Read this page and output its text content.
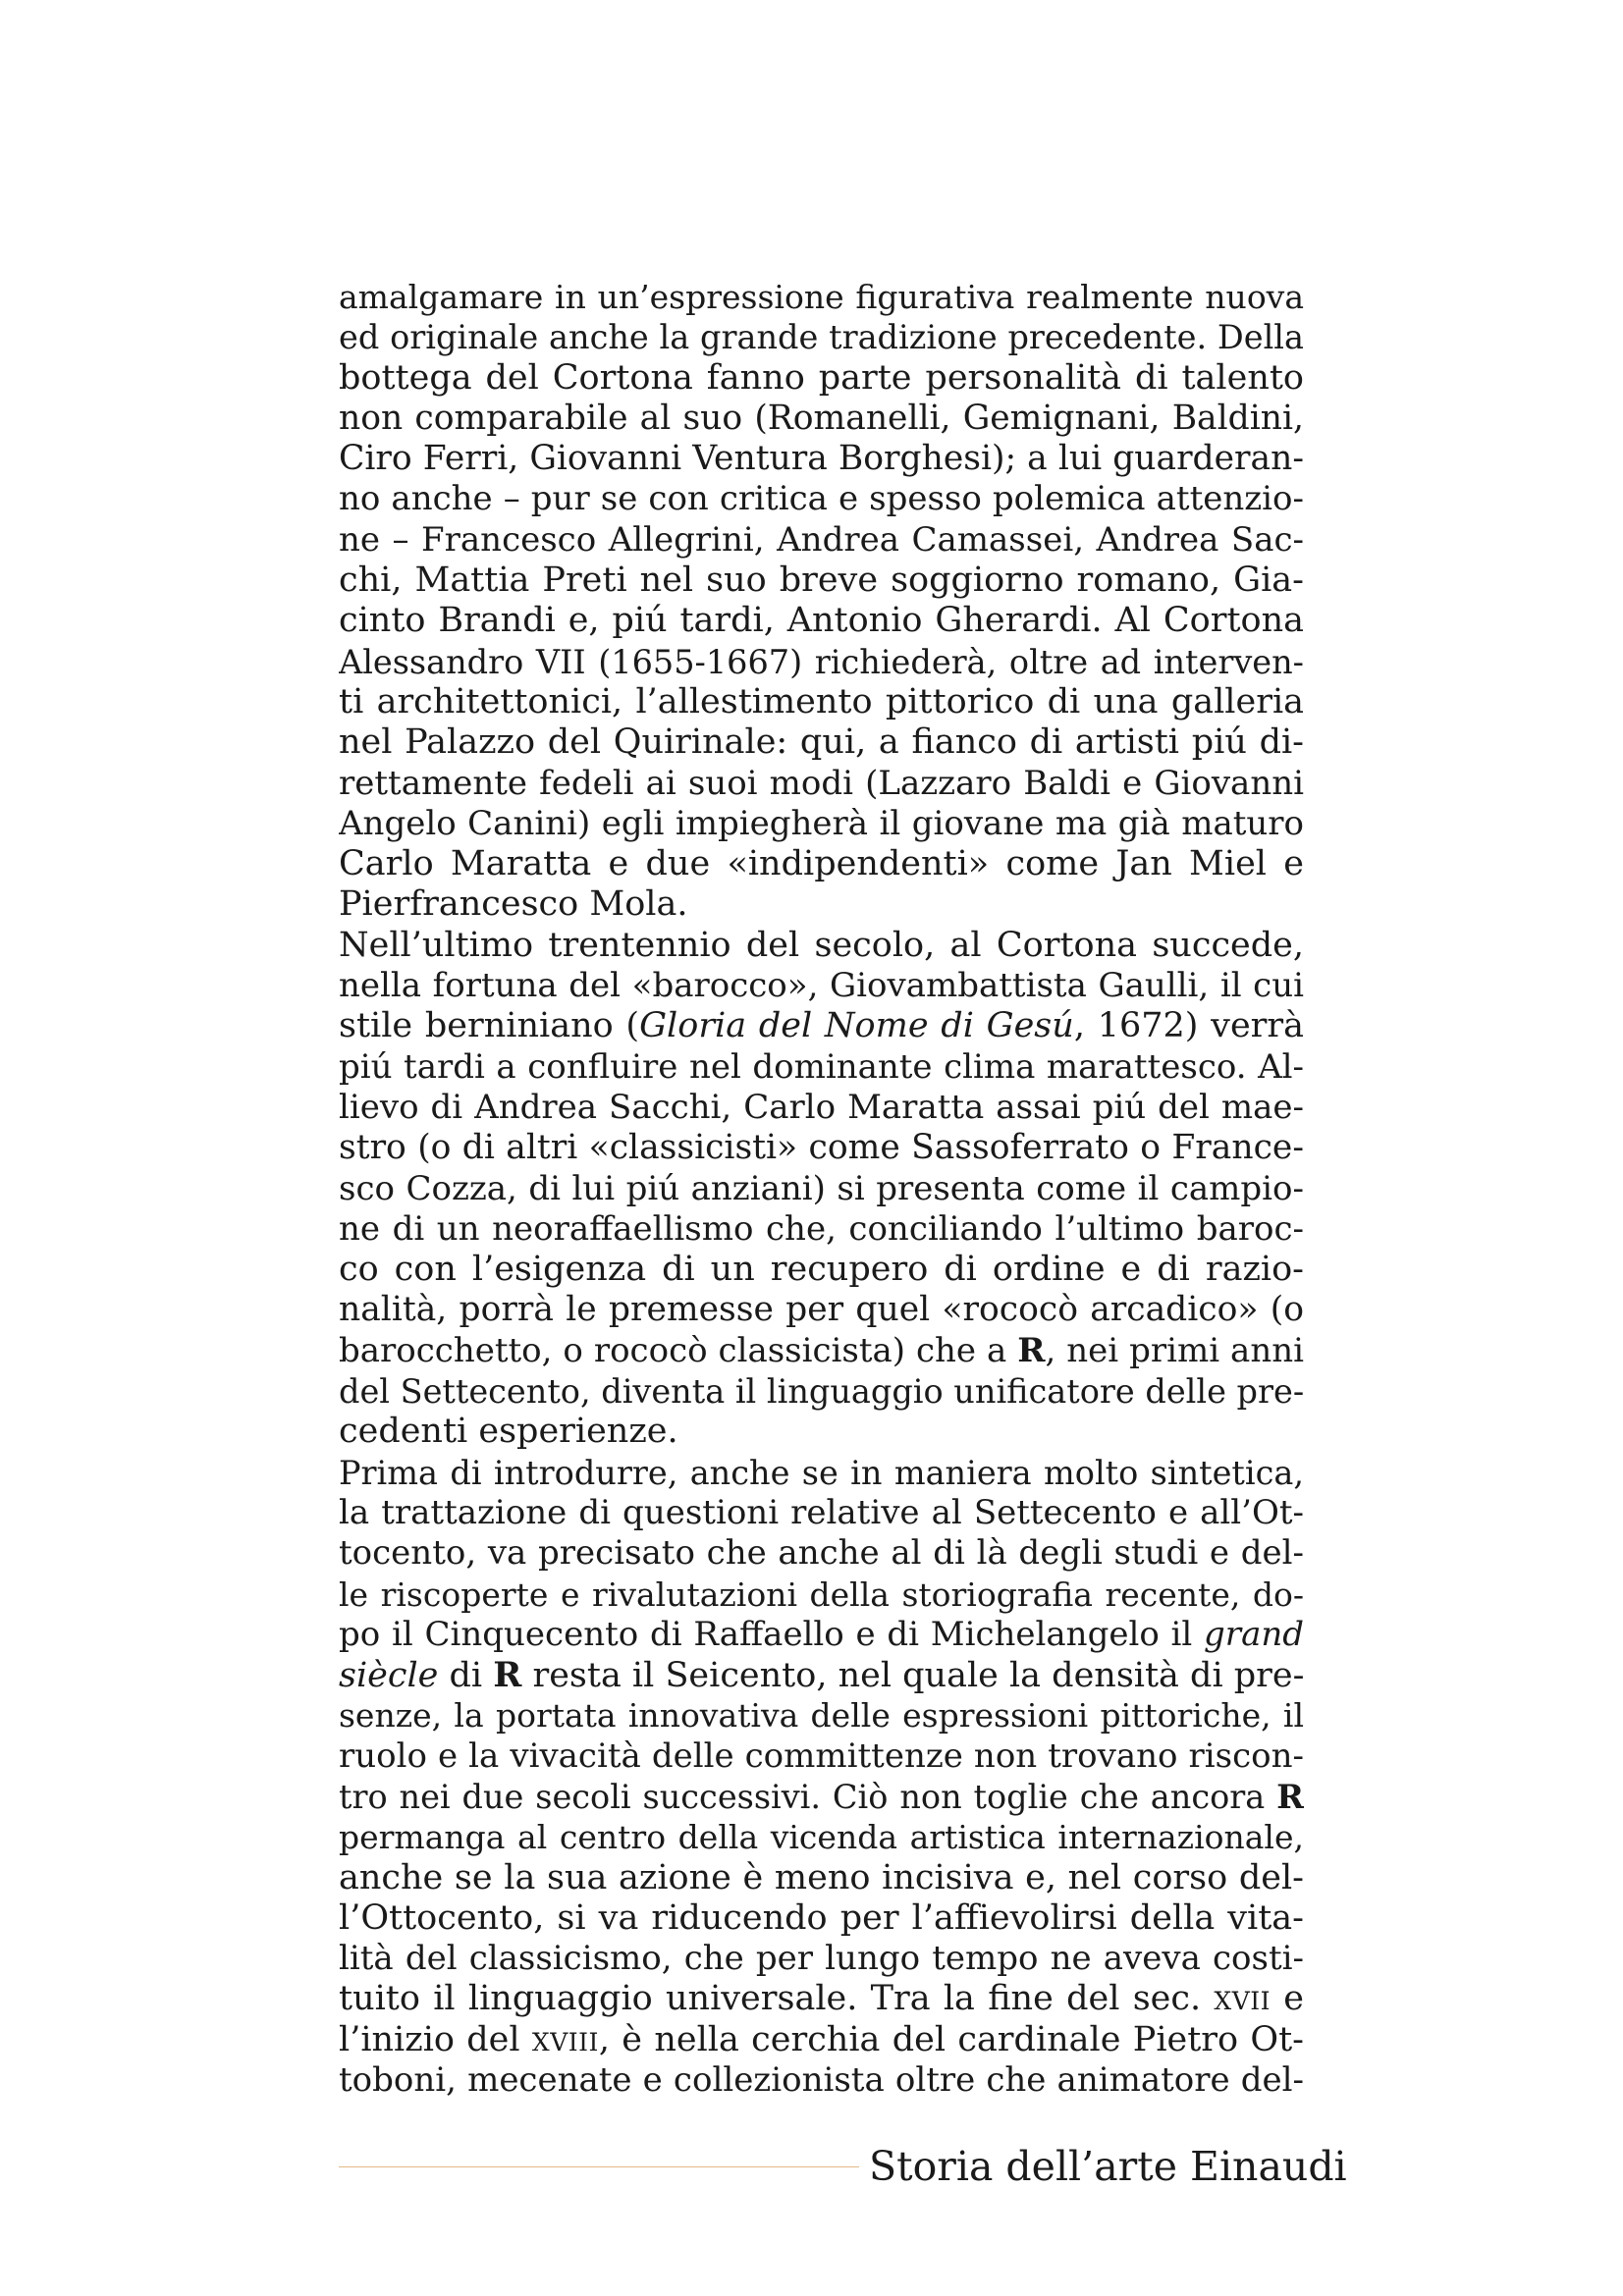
amalgamare in un’espressione figurativa realmente nuova
ed originale anche la grande tradizione precedente. Della
bottega del Cortona fanno parte personalità di talento
non comparabile al suo (Romanelli, Gemignani, Baldini,
Ciro Ferri, Giovanni Ventura Borghesi); a lui guarderan-
no anche – pur se con critica e spesso polemica attenzio-
ne – Francesco Allegrini, Andrea Camassei, Andrea Sac-
chi, Mattia Preti nel suo breve soggiorno romano, Gia-
cinto Brandi e, piú tardi, Antonio Gherardi. Al Cortona
Alessandro VII (1655-1667) richiederà, oltre ad interven-
ti architettonici, l’allestimento pittorico di una galleria
nel Palazzo del Quirinale: qui, a fianco di artisti piú di-
rettamente fedeli ai suoi modi (Lazzaro Baldi e Giovanni
Angelo Canini) egli impiegherà il giovane ma già maturo
Carlo Maratta e due «indipendenti» come Jan Miel e
Pierfrancesco Mola.
Nell’ultimo trentennio del secolo, al Cortona succede,
nella fortuna del «barocco», Giovambattista Gaulli, il cui
stile berniniano (Gloria del Nome di Gesú, 1672) verrà
piú tardi a confluire nel dominante clima marattesco. Al-
lievo di Andrea Sacchi, Carlo Maratta assai piú del mae-
stro (o di altri «classicisti» come Sassoferrato o France-
sco Cozza, di lui piú anziani) si presenta come il campio-
ne di un neoraffaellismo che, conciliando l’ultimo baroc-
co con l’esigenza di un recupero di ordine e di razio-
nalità, porrà le premesse per quel «rococò arcadico» (o
barocchetto, o rococò classicista) che a R, nei primi anni
del Settecento, diventa il linguaggio unificatore delle pre-
cedenti esperienze.
Prima di introdurre, anche se in maniera molto sintetica,
la trattazione di questioni relative al Settecento e all’Ot-
tocento, va precisato che anche al di là degli studi e del-
le riscoperte e rivalutazioni della storiografia recente, do-
po il Cinquecento di Raffaello e di Michelangelo il grand
siècle di R resta il Seicento, nel quale la densità di pre-
senze, la portata innovativa delle espressioni pittoriche, il
ruolo e la vivacità delle committenze non trovano riscon-
tro nei due secoli successivi. Ciò non toglie che ancora R
permanga al centro della vicenda artistica internazionale,
anche se la sua azione è meno incisiva e, nel corso del-
l’Ottocento, si va riducendo per l’affievolirsi della vita-
lità del classicismo, che per lungo tempo ne aveva costi-
tuito il linguaggio universale. Tra la fine del sec. xvii e
l’inizio del xviii, è nella cerchia del cardinale Pietro Ot-
toboni, mecenate e collezionista oltre che animatore del-
Storia dell’arte Einaudi
